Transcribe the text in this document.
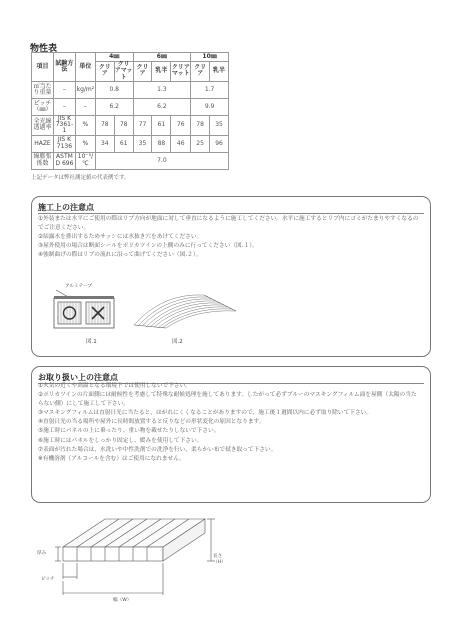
物性表
項目	試験方法	単位	4㎜		6㎜			10㎜	
			クリア	クリアマット	クリア	乳半	クリアマット	クリア	乳半
㎡当たり重量	–	kg/m²	0.8		1.3			1.7	
ピッチ（㎜）	–	–	6.2		6.2			9.9	
全光線透過率	JIS K 7361-1	%	78	78	77	61	76	78	35
HAZE	JIS K 7136	%	34	61	35	88	46	25	96
線膨張係数	ASTM D 696	10⁻⁵/℃	7.0						
上記データは弊社測定値の代表例です。
施工上の注意点
①外装または水平にご使用の際はリブ方向が地面に対して垂直になるように施工してください。水平に施工するとリブ内にゴミがたまりやすくなるのでご注意ください。
②結露水を排出するためサッシには水抜き穴をあけてください。
③屋外使用の場合は断面シールをポリカツインの上側のみに行ってください（図.１）。
④強制曲げの際はリブの流れに沿って曲げてください（図.２）。
アルミテープ
図.1	図.2
お取り扱い上の注意点
①火気の近くや高温となる環境下では使用しないで下さい。
②ポリカツインの片面側には耐候性を考慮して特殊な耐候処理を施してあります。したがって必ずブルーのマスキングフィルム面を屋側（太陽の当たらない側）にして施工して下さい。
③マスキングフィルムは直射日光に当たると、はがれにくくなることがありますので、施工後１週間以内に必ず取り除いて下さい。
④直射日光の当る場所や屋外に長時間放置すると反りなどの形状変化の原因となります。
⑤施工時にパネルの上に乗ったり、重い物を載せたりしないで下さい。
⑥施工時にはパネルをしっかり固定し、緩みを使用して下さい。
⑦表面が汚れた場合は、水洗いや中性洗剤での洗浄を行い、柔らかい布で拭き取って下さい。
※有機溶剤（アルコールを含む）はご使用になれません。
厚み
ピッチ
幅（W）
長さ（H）
